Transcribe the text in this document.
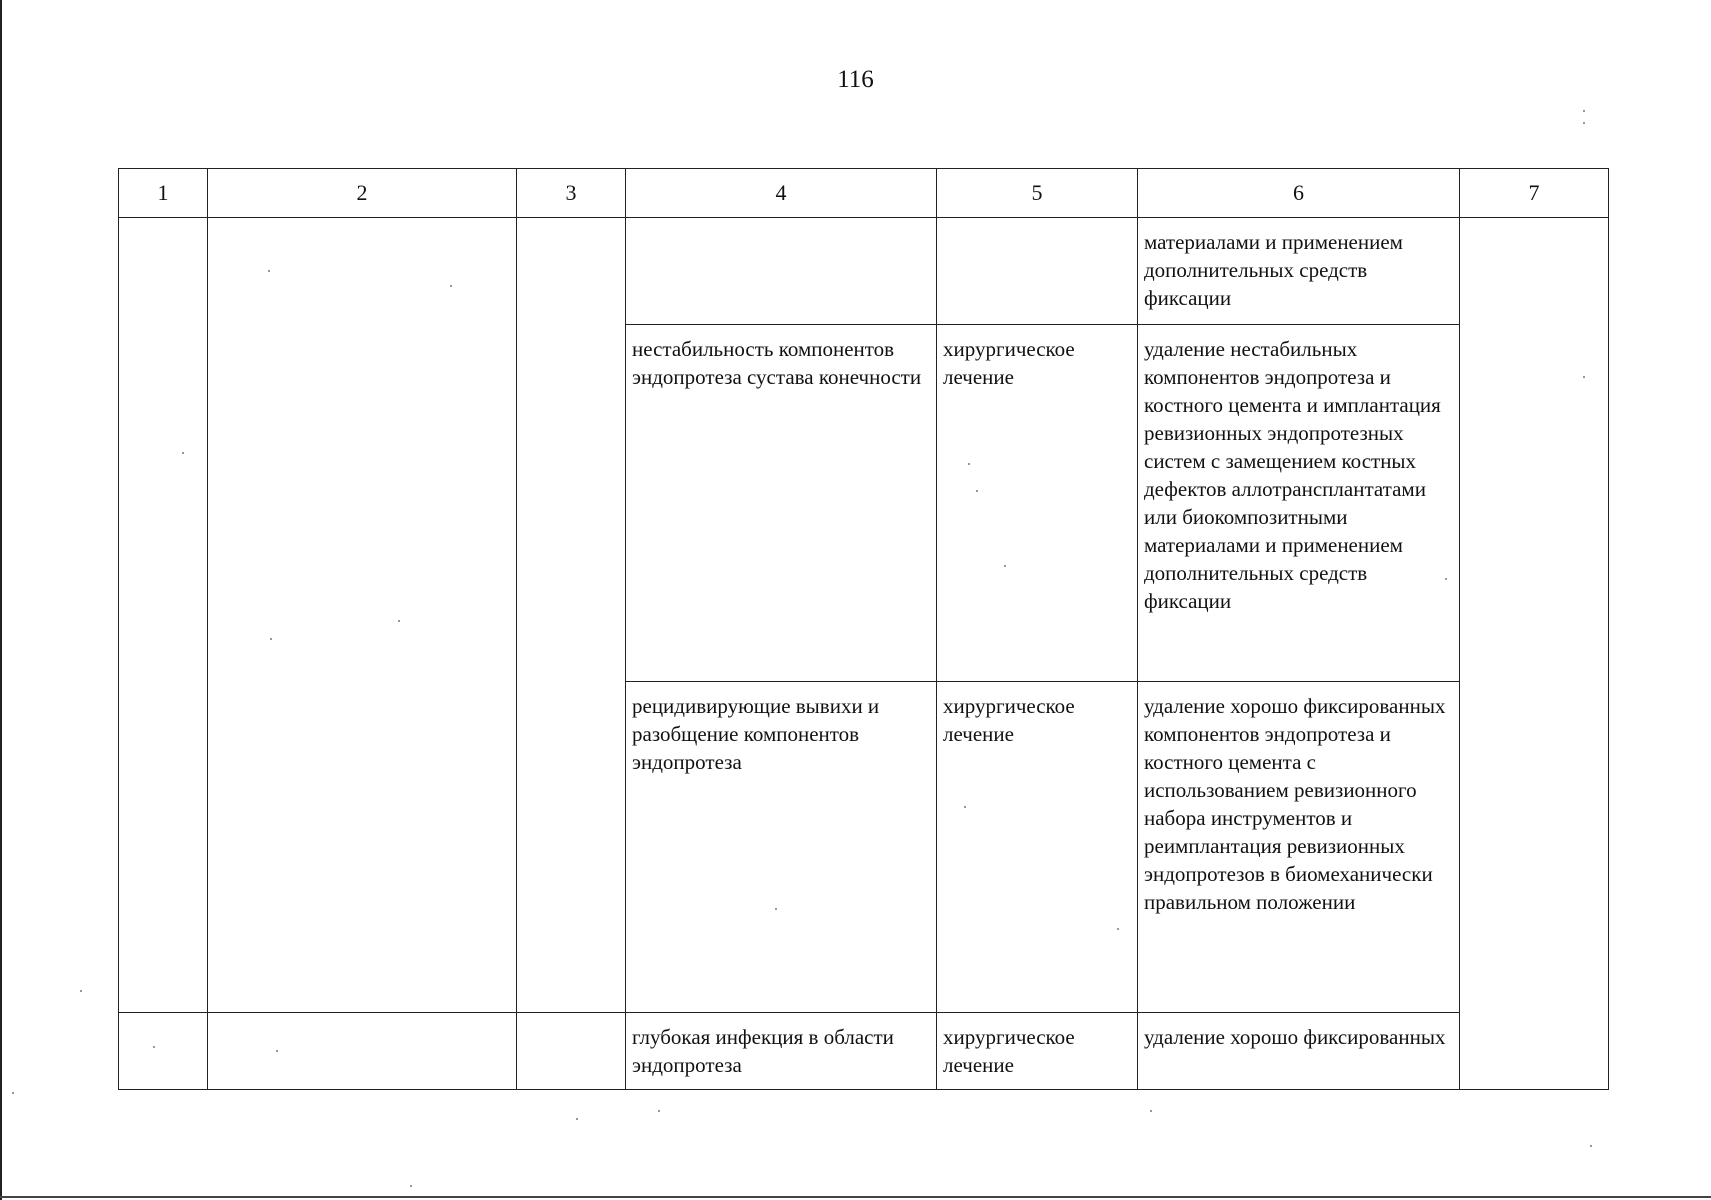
116
1	2	3	4	5	6	7
					материалами и применением дополнительных средств фиксации	
			нестабильность компонентов эндопротеза сустава конечности	хирургическое лечение	удаление нестабильных компонентов эндопротеза и костного цемента и имплантация ревизионных эндопротезных систем с замещением костных дефектов аллотрансплантатами или биокомпозитными материалами и применением дополнительных средств фиксации	
			рецидивирующие вывихи и разобщение компонентов эндопротеза	хирургическое лечение	удаление хорошо фиксированных компонентов эндопротеза и костного цемента с использованием ревизионного набора инструментов и реимплантация ревизионных эндопротезов в биомеханически правильном положении	
			глубокая инфекция в области эндопротеза	хирургическое лечение	удаление хорошо фиксированных	
